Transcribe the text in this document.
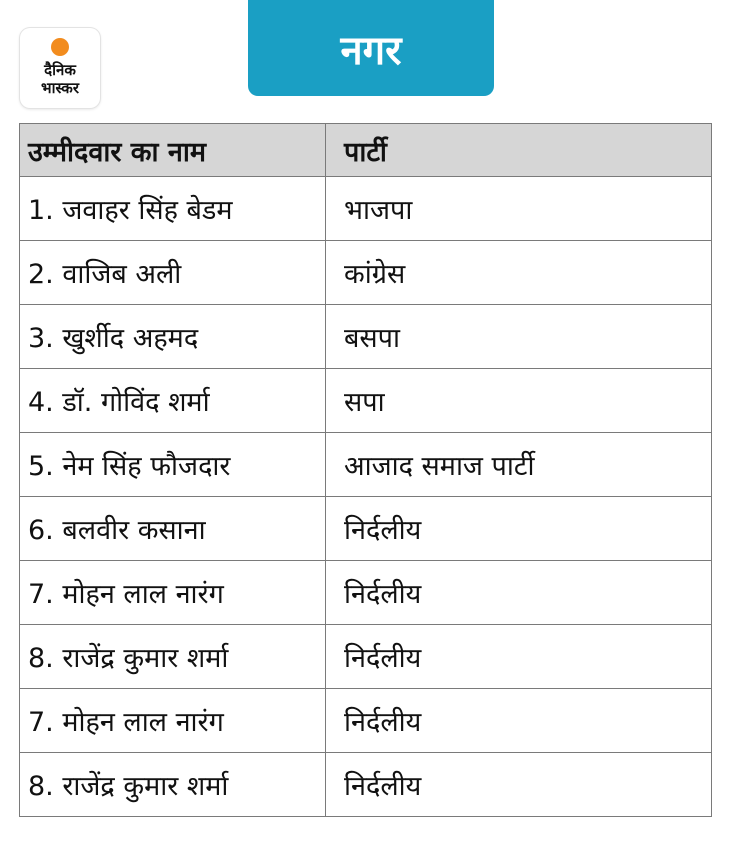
दैनिक
भास्कर
नगर
उम्मीदवार का नाम	पार्टी
1. जवाहर सिंह बेडम	भाजपा
2. वाजिब अली	कांग्रेस
3. खुर्शीद अहमद	बसपा
4. डॉ. गोविंद शर्मा	सपा
5. नेम सिंह फौजदार	आजाद समाज पार्टी
6. बलवीर कसाना	निर्दलीय
7. मोहन लाल नारंग	निर्दलीय
8. राजेंद्र कुमार शर्मा	निर्दलीय
7. मोहन लाल नारंग	निर्दलीय
8. राजेंद्र कुमार शर्मा	निर्दलीय
